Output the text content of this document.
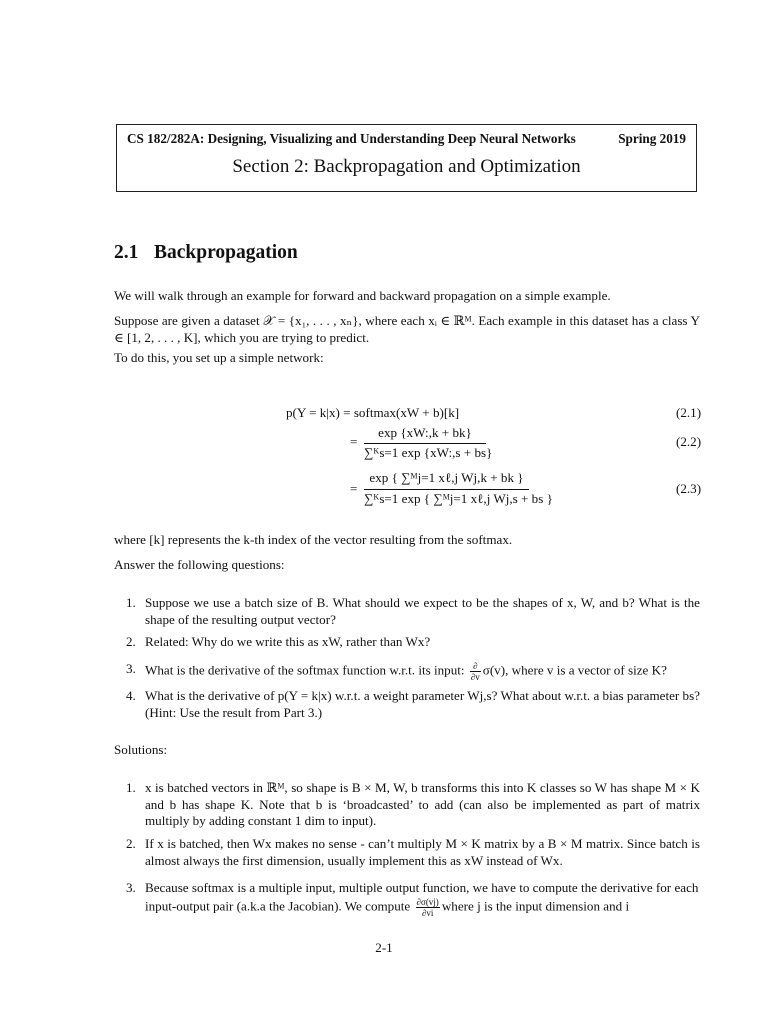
CS 182/282A: Designing, Visualizing and Understanding Deep Neural Networks	Spring 2019
Section 2: Backpropagation and Optimization
2.1 Backpropagation
We will walk through an example for forward and backward propagation on a simple example.
Suppose are given a dataset 𝒳 = {x₁, . . . , xₙ}, where each xᵢ ∈ ℝᴹ. Each example in this dataset has a class Y ∈ [1, 2, . . . , K], which you are trying to predict.
To do this, you set up a simple network:
p(Y = k|x) = softmax(xW + b)[k]	(2.1)
=
exp {xW:,k + bk}
∑ᴷs=1 exp {xW:,s + bs}
(2.2)
=
exp { ∑ᴹj=1 xℓ,j Wj,k + bk }
∑ᴷs=1 exp { ∑ᴹj=1 xℓ,j Wj,s + bs }
(2.3)
where [k] represents the k-th index of the vector resulting from the softmax.
Answer the following questions:
1. Suppose we use a batch size of B. What should we expect to be the shapes of x, W, and b? What is the shape of the resulting output vector?
2. Related: Why do we write this as xW, rather than Wx?
3. What is the derivative of the softmax function w.r.t. its input: ∂
∂v σ(v), where v is a vector of size K?
4. What is the derivative of p(Y = k|x) w.r.t. a weight parameter Wj,s? What about w.r.t. a bias parameter bs? (Hint: Use the result from Part 3.)
Solutions:
1. x is batched vectors in ℝᴹ, so shape is B × M, W, b transforms this into K classes so W has shape M × K and b has shape K. Note that b is ‘broadcasted’ to add (can also be implemented as part of matrix multiply by adding constant 1 dim to input).
2. If x is batched, then Wx makes no sense - can’t multiply M × K matrix by a B × M matrix. Since batch is almost always the first dimension, usually implement this as xW instead of Wx.
3. Because softmax is a multiple input, multiple output function, we have to compute the derivative for each input-output pair (a.k.a the Jacobian). We compute $\frac{\partial\sigma(vj)}{\partial vi}$ where j is the input dimension and i
2-1
